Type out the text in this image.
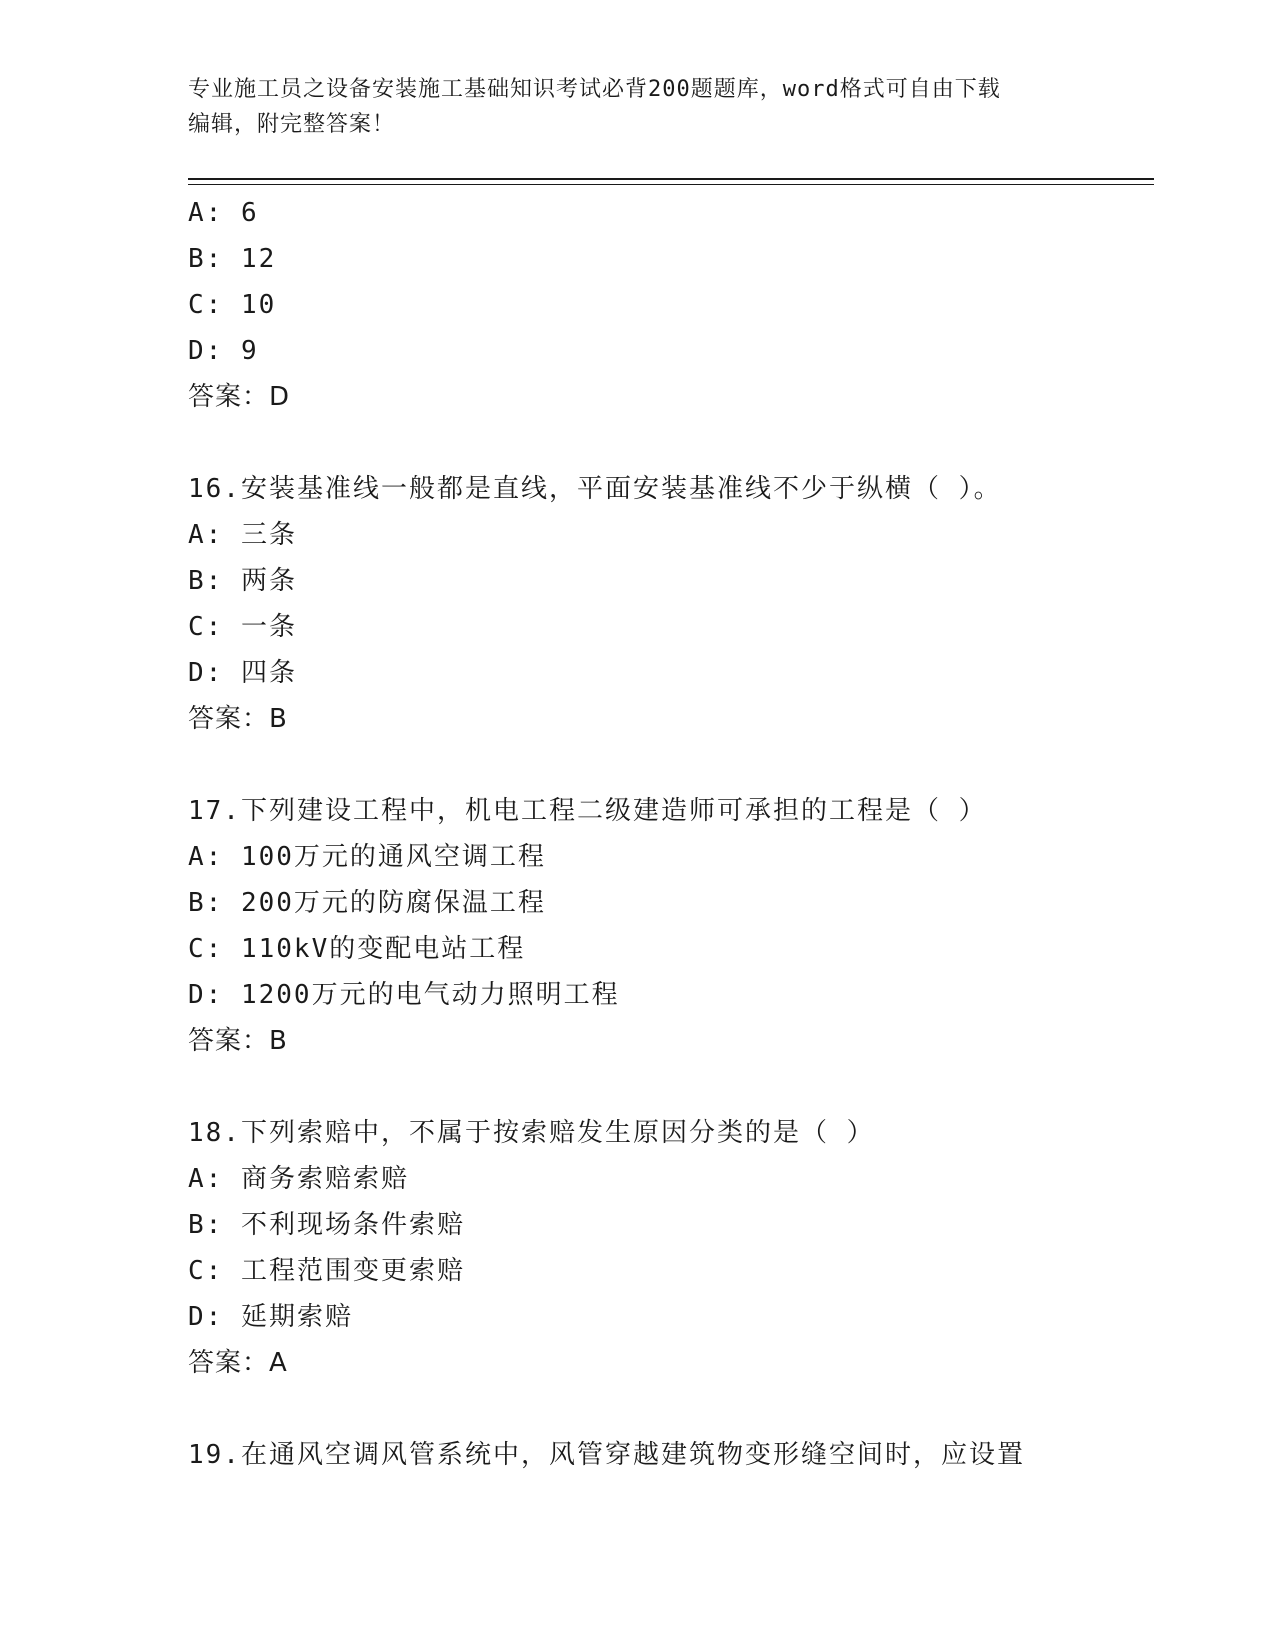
专业施工员之设备安装施工基础知识考试必背200题题库，word格式可自由下载
编辑，附完整答案！
A: 6
B: 12
C: 10
D: 9
答案：D
16.安装基准线一般都是直线，平面安装基准线不少于纵横（ ）。
A: 三条
B: 两条
C: 一条
D: 四条
答案：B
17.下列建设工程中，机电工程二级建造师可承担的工程是（ ）
A: 100万元的通风空调工程
B: 200万元的防腐保温工程
C: 110kV的变配电站工程
D: 1200万元的电气动力照明工程
答案：B
18.下列索赔中，不属于按索赔发生原因分类的是（ ）
A: 商务索赔索赔
B: 不利现场条件索赔
C: 工程范围变更索赔
D: 延期索赔
答案：A
19.在通风空调风管系统中，风管穿越建筑物变形缝空间时，应设置
